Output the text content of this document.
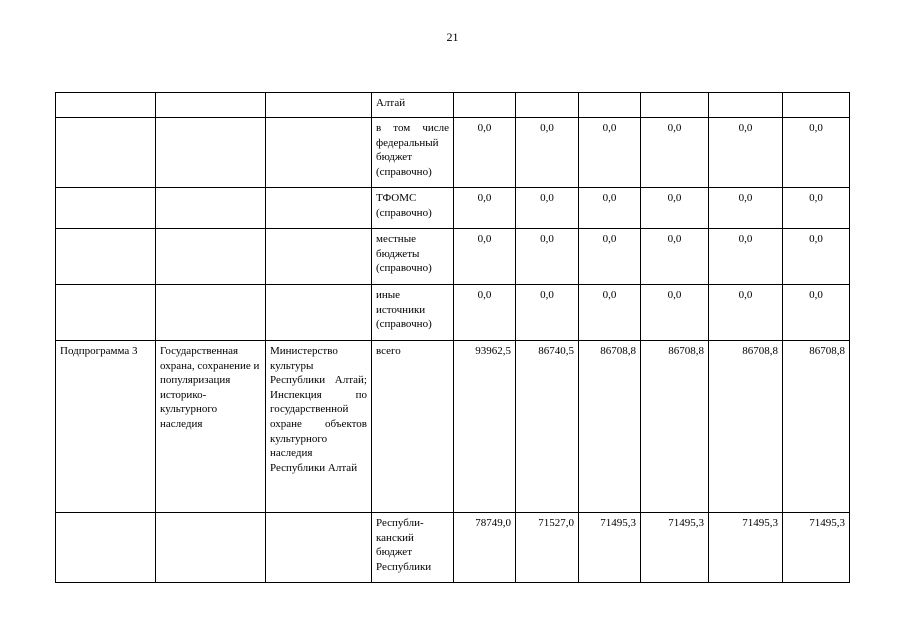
21
			Алтай						
			в том числе федеральный бюджет (справочно)	0,0	0,0	0,0	0,0	0,0	0,0
			ТФОМС (справочно)	0,0	0,0	0,0	0,0	0,0	0,0
			местные бюджеты (справочно)	0,0	0,0	0,0	0,0	0,0	0,0
			иные источники (справочно)	0,0	0,0	0,0	0,0	0,0	0,0
Подпрограмма 3	Государственная охрана, сохранение и популяризация историко-культурного наследия	Министерство культуры Республики Алтай; Инспекция по государственной охране объектов культурного наследия Республики Алтай	всего	93962,5	86740,5	86708,8	86708,8	86708,8	86708,8
			Республи-канский бюджет Республики	78749,0	71527,0	71495,3	71495,3	71495,3	71495,3
